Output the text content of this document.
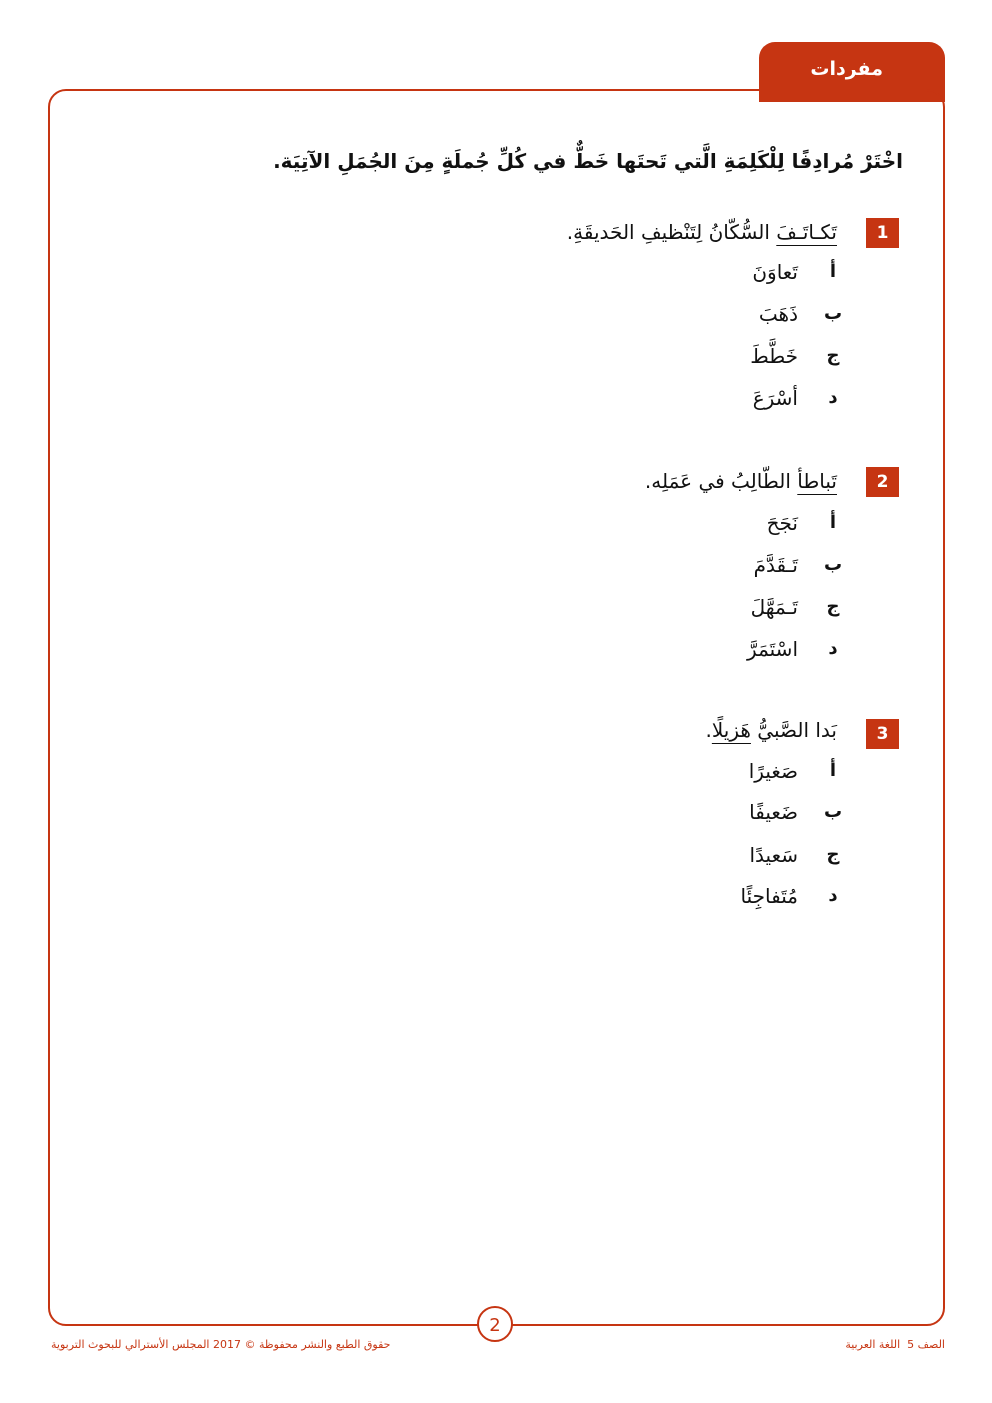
مفردات
اخْتَرْ مُرادِفًا لِلْكَلِمَةِ الَّتي تَحتَها خَطٌّ في كُلِّ جُملَةٍ مِنَ الجُمَلِ الآتِيَة.
1
تَكـاتَـفَ السُّكّانُ لِتَنْظيفِ الحَديقَةِ.
أ
تَعاوَنَ
ب
ذَهَبَ
ج
خَطَّطَ
د
أسْرَعَ
2
تَباطأ الطّالِبُ في عَمَلِه.
أ
نَجَحَ
ب
تَـقَدَّمَ
ج
تَـمَهَّلَ
د
اسْتَمَرَّ
3
بَدا الصَّبيُّ هَزيلًا.
أ
صَغيرًا
ب
ضَعيفًا
ج
سَعيدًا
د
مُتَفاجِئًا
2
الصف 5  اللغة العربية
حقوق الطبع والنشر محفوظة © 2017 المجلس الأسترالي للبحوث التربوية
